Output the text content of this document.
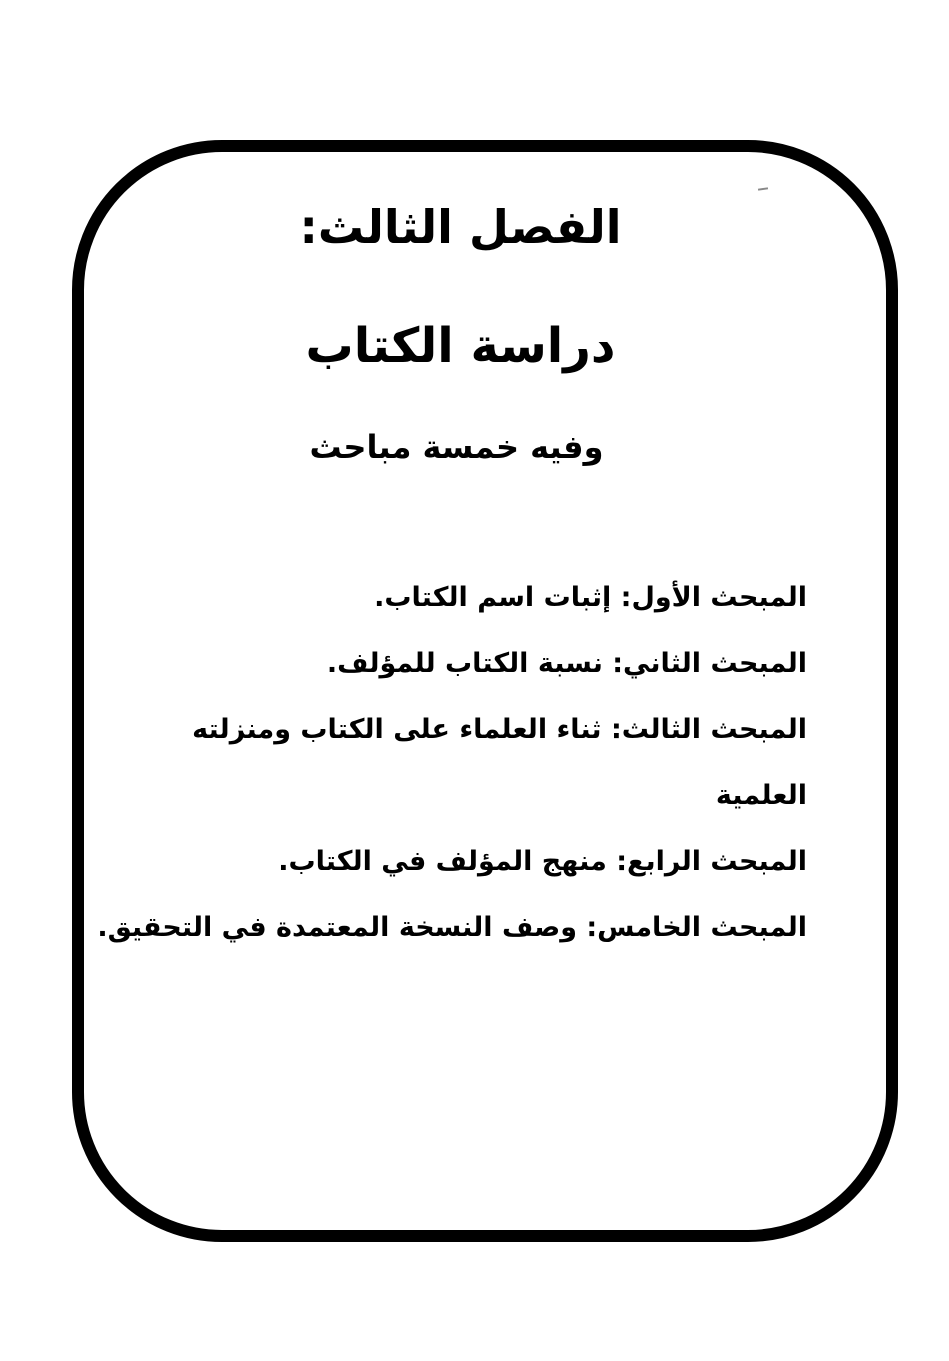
الفصل الثالث:
دراسة الكتاب
وفيه خمسة مباحث

المبحث الأول: إثبات اسم الكتاب.

المبحث الثاني: نسبة الكتاب للمؤلف.

المبحث الثالث: ثناء العلماء على الكتاب ومنزلته العلمية

المبحث الرابع: منهج المؤلف في الكتاب.

المبحث الخامس: وصف النسخة المعتمدة في التحقيق.
